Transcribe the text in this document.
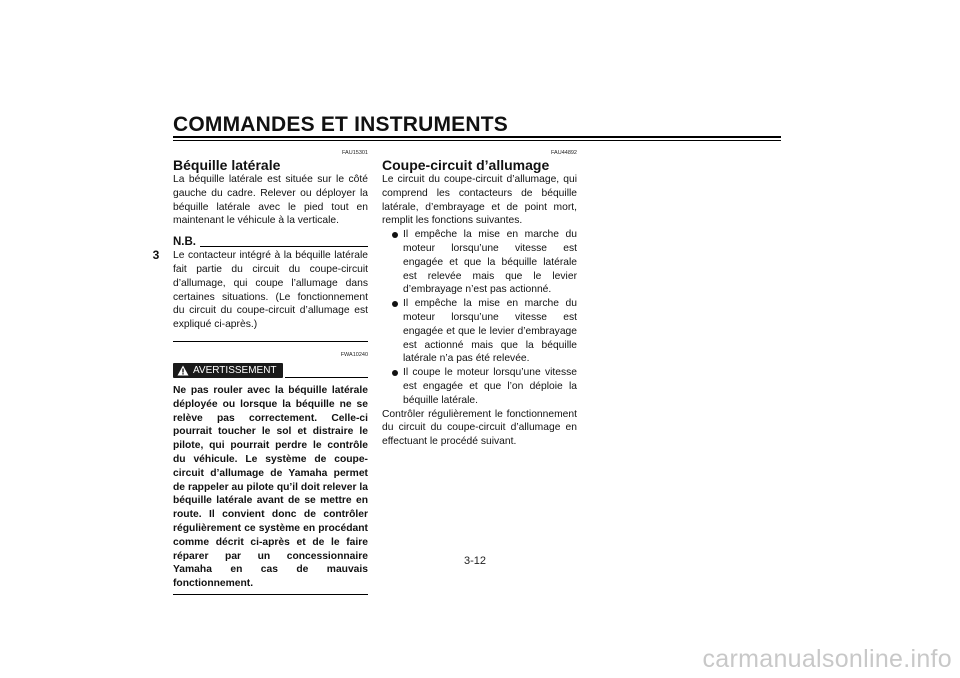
COMMANDES ET INSTRUMENTS
3

FAU15301

Béquille latérale

La béquille latérale est située sur le côté gauche du cadre. Relever ou déployer la béquille latérale avec le pied tout en maintenant le véhicule à la verticale.

N.B.

Le contacteur intégré à la béquille latérale fait partie du circuit du coupe-circuit d’allumage, qui coupe l’allumage dans certaines situations. (Le fonctionnement du circuit du coupe-circuit d’allumage est expliqué ci-après.)

FWA10240

AVERTISSEMENT

Ne pas rouler avec la béquille latérale déployée ou lorsque la béquille ne se relève pas correctement. Celle-ci pourrait toucher le sol et distraire le pilote, qui pourrait perdre le contrôle du véhicule. Le système de coupe-circuit d’allumage de Yamaha permet de rappeler au pilote qu’il doit relever la béquille latérale avant de se mettre en route. Il convient donc de contrôler régulièrement ce système en procédant comme décrit ci-après et de le faire réparer par un concessionnaire Yamaha en cas de mauvais fonctionnement.

FAU44892

Coupe-circuit d’allumage

Le circuit du coupe-circuit d’allumage, qui comprend les contacteurs de béquille latérale, d’embrayage et de point mort, remplit les fonctions suivantes.

Il empêche la mise en marche du moteur lorsqu’une vitesse est engagée et que la béquille latérale est relevée mais que le levier d’embrayage n’est pas actionné.
Il empêche la mise en marche du moteur lorsqu’une vitesse est engagée et que le levier d’embrayage est actionné mais que la béquille latérale n’a pas été relevée.
Il coupe le moteur lorsqu’une vitesse est engagée et que l’on déploie la béquille latérale.

Contrôler régulièrement le fonctionnement du circuit du coupe-circuit d’allumage en effectuant le procédé suivant.

3-12
carmanualsonline.info
